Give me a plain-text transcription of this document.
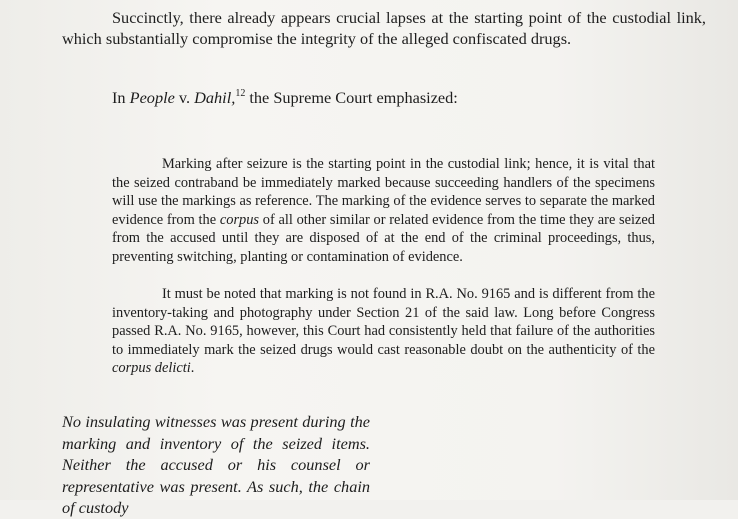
Succinctly, there already appears crucial lapses at the starting point of the custodial link, which substantially compromise the integrity of the alleged confiscated drugs.

In People v. Dahil,$^{12}$ the Supreme Court emphasized:

Marking after seizure is the starting point in the custodial link; hence, it is vital that the seized contraband be immediately marked because succeeding handlers of the specimens will use the markings as reference. The marking of the evidence serves to separate the marked evidence from the corpus of all other similar or related evidence from the time they are seized from the accused until they are disposed of at the end of the criminal proceedings, thus, preventing switching, planting or contamination of evidence.

It must be noted that marking is not found in R.A. No. 9165 and is different from the inventory-taking and photography under Section 21 of the said law. Long before Congress passed R.A. No. 9165, however, this Court had consistently held that failure of the authorities to immediately mark the seized drugs would cast reasonable doubt on the authenticity of the corpus delicti.

No insulating witnesses was present during the marking and inventory of the seized items. Neither the accused or his counsel or representative was present. As such, the chain of custody
